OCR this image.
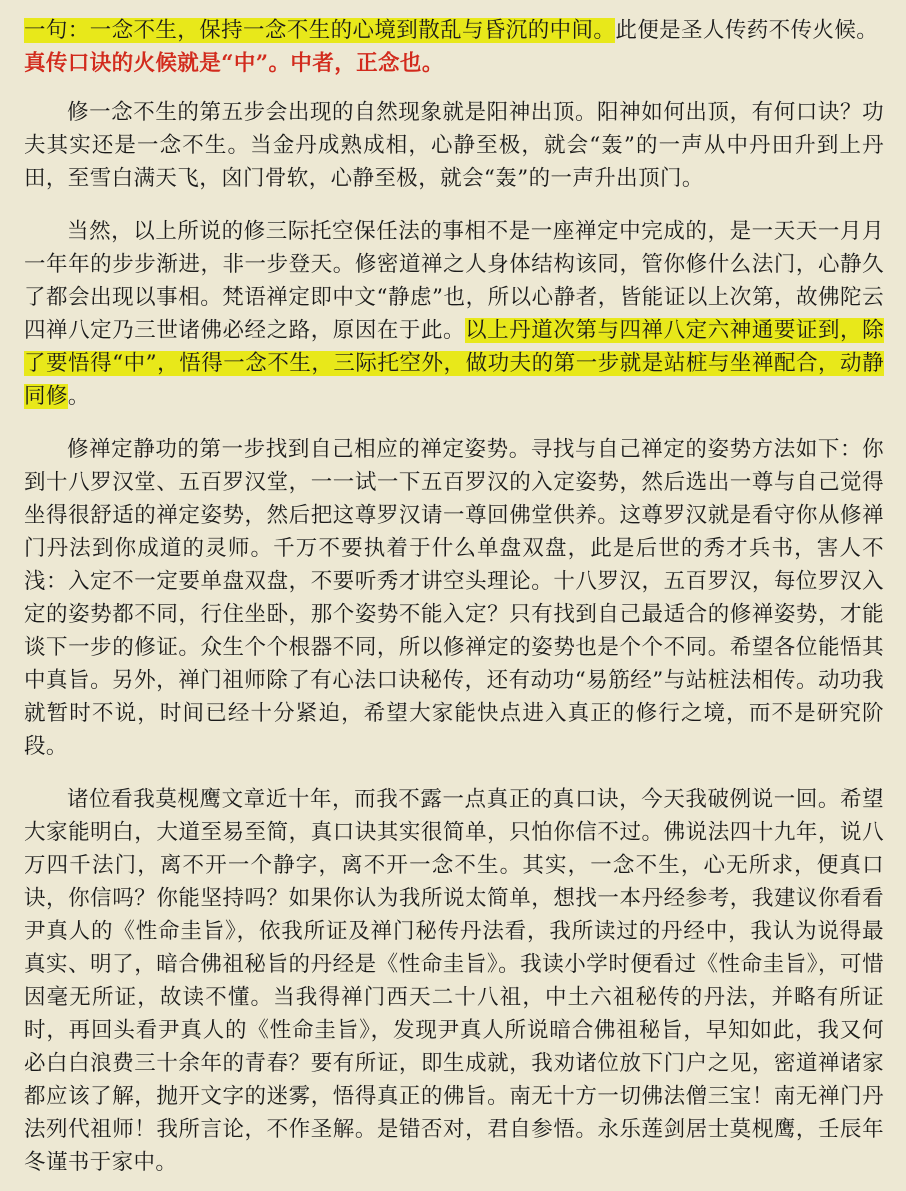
一句：一念不生，保持一念不生的心境到散乱与昏沉的中间。此便是圣人传药不传火候。
真传口诀的火候就是“中”。中者，正念也。

修一念不生的第五步会出现的自然现象就是阳神出顶。阳神如何出顶，有何口诀？功夫其实还是一念不生。当金丹成熟成相，心静至极，就会“轰”的一声从中丹田升到上丹田，至雪白满天飞，囟门骨软，心静至极，就会“轰”的一声升出顶门。

当然，以上所说的修三际托空保任法的事相不是一座禅定中完成的，是一天天一月月一年年的步步渐进，非一步登天。修密道禅之人身体结构该同，管你修什么法门，心静久了都会出现以事相。梵语禅定即中文“静虑”也，所以心静者，皆能证以上次第，故佛陀云四禅八定乃三世诸佛必经之路，原因在于此。以上丹道次第与四禅八定六神通要证到，除了要悟得“中”，悟得一念不生，三际托空外，做功夫的第一步就是站桩与坐禅配合，动静同修。

修禅定静功的第一步找到自己相应的禅定姿势。寻找与自己禅定的姿势方法如下：你到十八罗汉堂、五百罗汉堂，一一试一下五百罗汉的入定姿势，然后选出一尊与自己觉得坐得很舒适的禅定姿势，然后把这尊罗汉请一尊回佛堂供养。这尊罗汉就是看守你从修禅门丹法到你成道的灵师。千万不要执着于什么单盘双盘，此是后世的秀才兵书，害人不浅：入定不一定要单盘双盘，不要听秀才讲空头理论。十八罗汉，五百罗汉，每位罗汉入定的姿势都不同，行住坐卧，那个姿势不能入定？只有找到自己最适合的修禅姿势，才能谈下一步的修证。众生个个根器不同，所以修禅定的姿势也是个个不同。希望各位能悟其中真旨。另外，禅门祖师除了有心法口诀秘传，还有动功“易筋经”与站桩法相传。动功我就暂时不说，时间已经十分紧迫，希望大家能快点进入真正的修行之境，而不是研究阶段。

诸位看我莫枧鹰文章近十年，而我不露一点真正的真口诀，今天我破例说一回。希望大家能明白，大道至易至简，真口诀其实很简单，只怕你信不过。佛说法四十九年，说八万四千法门，离不开一个静字，离不开一念不生。其实，一念不生，心无所求，便真口诀，你信吗？你能坚持吗？如果你认为我所说太简单，想找一本丹经参考，我建议你看看尹真人的《性命圭旨》，依我所证及禅门秘传丹法看，我所读过的丹经中，我认为说得最真实、明了，暗合佛祖秘旨的丹经是《性命圭旨》。我读小学时便看过《性命圭旨》，可惜因毫无所证，故读不懂。当我得禅门西天二十八祖，中土六祖秘传的丹法，并略有所证时，再回头看尹真人的《性命圭旨》，发现尹真人所说暗合佛祖秘旨，早知如此，我又何必白白浪费三十余年的青春？要有所证，即生成就，我劝诸位放下门户之见，密道禅诸家都应该了解，抛开文字的迷雾，悟得真正的佛旨。南无十方一切佛法僧三宝！南无禅门丹法列代祖师！我所言论，不作圣解。是错否对，君自参悟。永乐莲剑居士莫枧鹰，壬辰年冬谨书于家中。
